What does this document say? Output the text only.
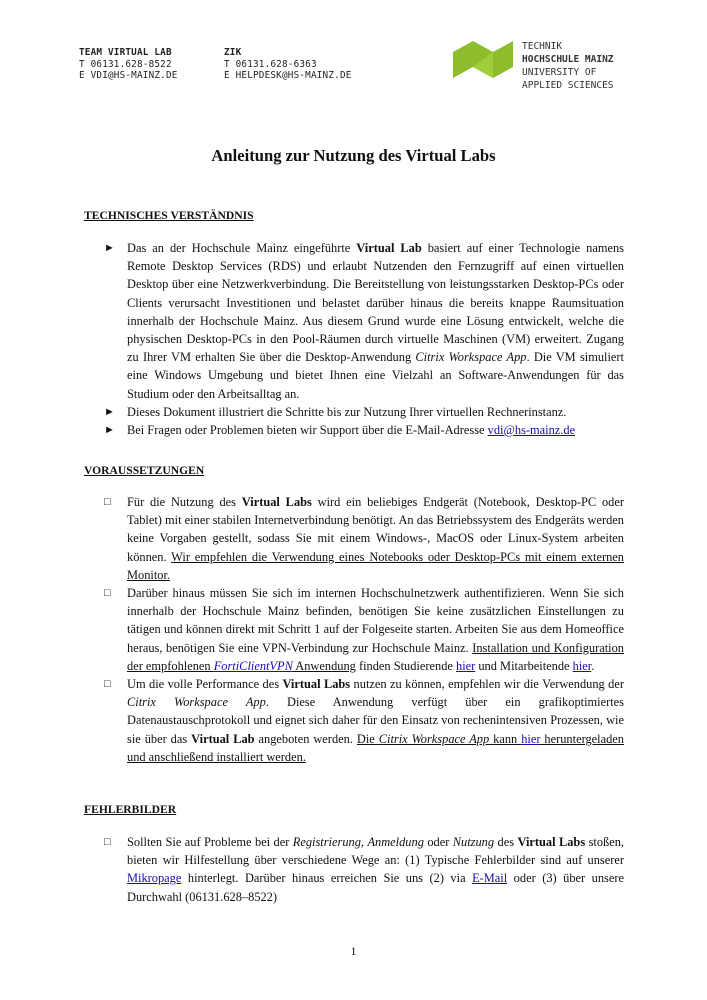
TEAM VIRTUAL LAB
T 06131.628-8522
E VDI@HS-MAINZ.DE
ZIK
T 06131.628-6363
E HELPDESK@HS-MAINZ.DE
TECHNIK
HOCHSCHULE MAINZ
UNIVERSITY OF
APPLIED SCIENCES
Anleitung zur Nutzung des Virtual Labs
TECHNISCHES VERSTÄNDNIS
► Das an der Hochschule Mainz eingeführte Virtual Lab basiert auf einer Technologie namens Remote Desktop Services (RDS) und erlaubt Nutzenden den Fernzugriff auf einen virtuellen Desktop über eine Netzwerkverbindung. Die Bereitstellung von leistungsstarken Desktop-PCs oder Clients verursacht Investitionen und belastet darüber hinaus die bereits knappe Raumsituation innerhalb der Hochschule Mainz. Aus diesem Grund wurde eine Lösung entwickelt, welche die physischen Desktop-PCs in den Pool-Räumen durch virtuelle Maschinen (VM) erweitert. Zugang zu Ihrer VM erhalten Sie über die Desktop-Anwendung Citrix Workspace App. Die VM simuliert eine Windows Umgebung und bietet Ihnen eine Vielzahl an Software-Anwendungen für das Studium oder den Arbeitsalltag an.
► Dieses Dokument illustriert die Schritte bis zur Nutzung Ihrer virtuellen Rechnerinstanz.
► Bei Fragen oder Problemen bieten wir Support über die E-Mail-Adresse vdi@hs-mainz.de
VORAUSSETZUNGEN
□ Für die Nutzung des Virtual Labs wird ein beliebiges Endgerät (Notebook, Desktop-PC oder Tablet) mit einer stabilen Internetverbindung benötigt. An das Betriebssystem des Endgeräts werden keine Vorgaben gestellt, sodass Sie mit einem Windows-, MacOS oder Linux-System arbeiten können. Wir empfehlen die Verwendung eines Notebooks oder Desktop-PCs mit einem externen Monitor.
□ Darüber hinaus müssen Sie sich im internen Hochschulnetzwerk authentifizieren. Wenn Sie sich innerhalb der Hochschule Mainz befinden, benötigen Sie keine zusätzlichen Einstellungen zu tätigen und können direkt mit Schritt 1 auf der Folgeseite starten. Arbeiten Sie aus dem Homeoffice heraus, benötigen Sie eine VPN-Verbindung zur Hochschule Mainz. Installation und Konfiguration der empfohlenen FortiClientVPN Anwendung finden Studierende hier und Mitarbeitende hier.
□ Um die volle Performance des Virtual Labs nutzen zu können, empfehlen wir die Verwendung der Citrix Workspace App. Diese Anwendung verfügt über ein grafikoptimiertes Datenaustauschprotokoll und eignet sich daher für den Einsatz von rechenintensiven Prozessen, wie sie über das Virtual Lab angeboten werden. Die Citrix Workspace App kann hier heruntergeladen und anschließend installiert werden.
FEHLERBILDER
□ Sollten Sie auf Probleme bei der Registrierung, Anmeldung oder Nutzung des Virtual Labs stoßen, bieten wir Hilfestellung über verschiedene Wege an: (1) Typische Fehlerbilder sind auf unserer Mikropage hinterlegt. Darüber hinaus erreichen Sie uns (2) via E-Mail oder (3) über unsere Durchwahl (06131.628–8522)
1
